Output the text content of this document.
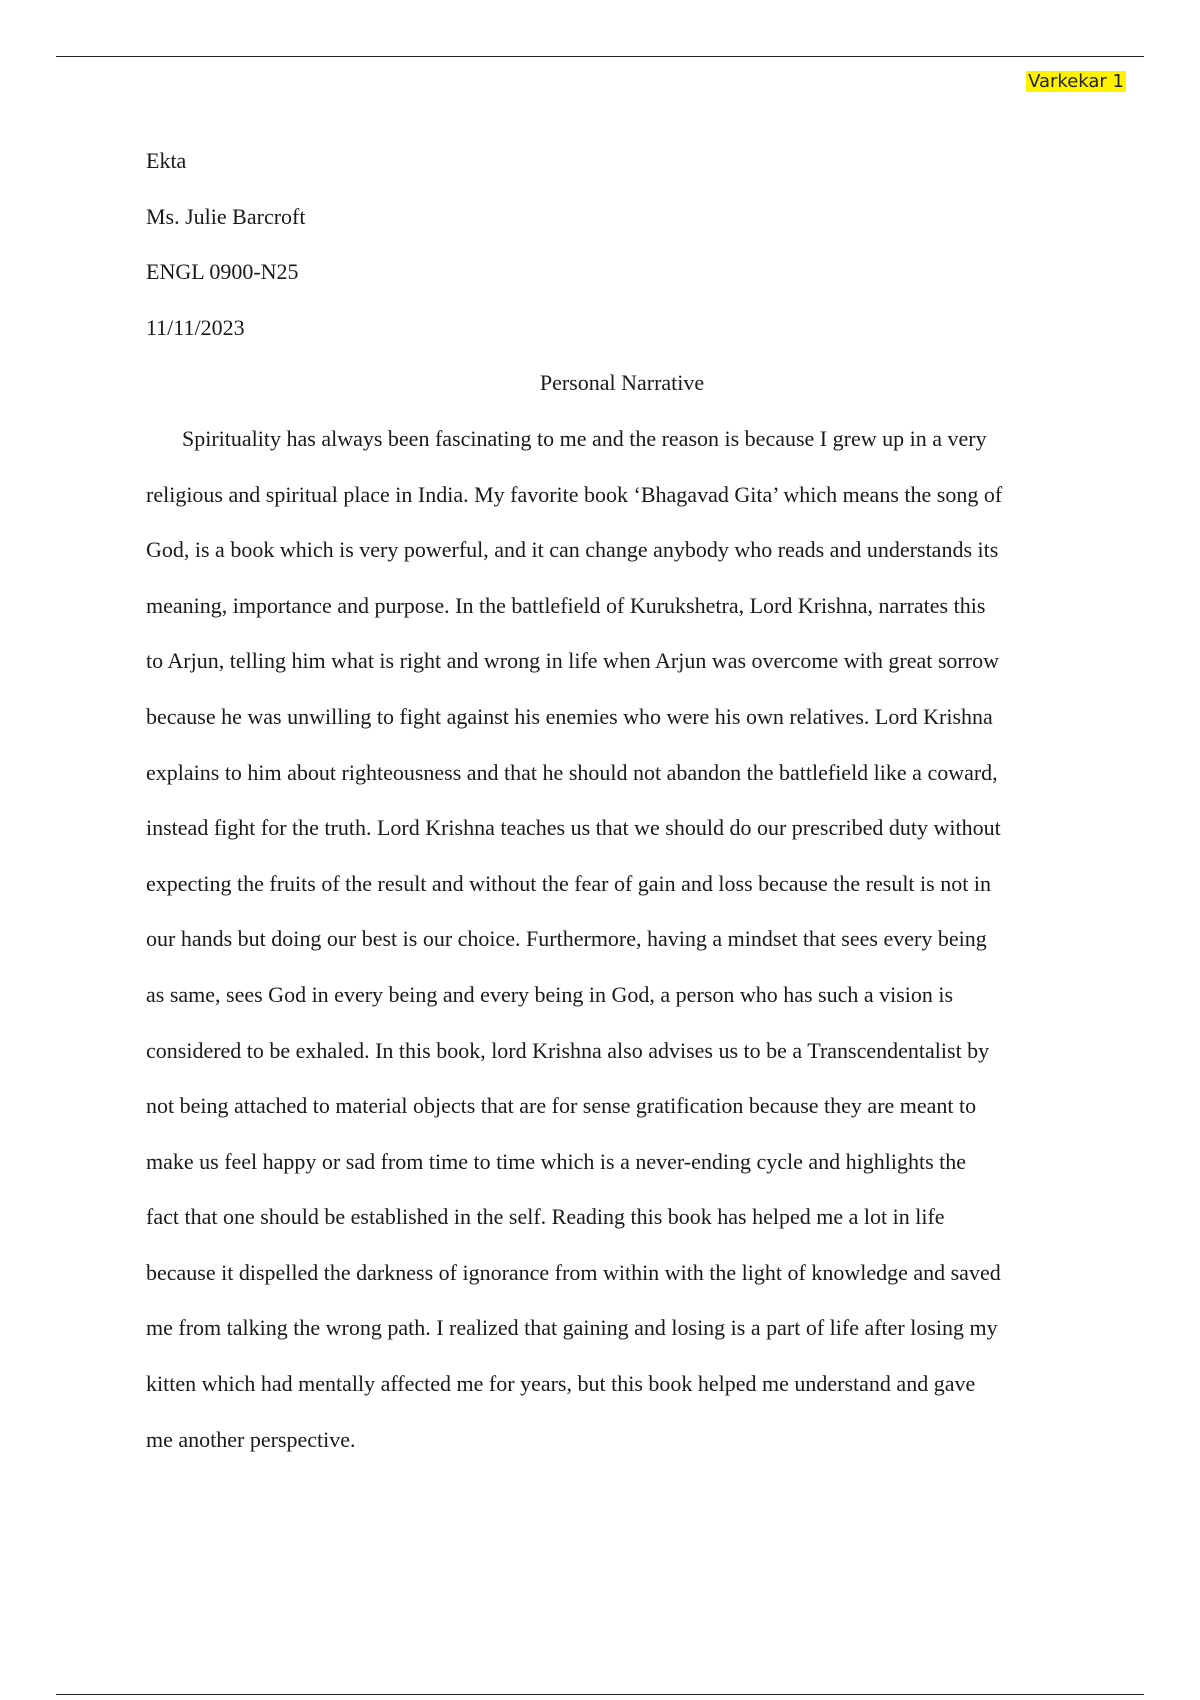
Varkekar 1

Ekta

Ms. Julie Barcroft

ENGL 0900-N25

11/11/2023

Personal Narrative

Spirituality has always been fascinating to me and the reason is because I grew up in a very

religious and spiritual place in India. My favorite book ‘Bhagavad Gita’ which means the song of

God, is a book which is very powerful, and it can change anybody who reads and understands its

meaning, importance and purpose. In the battlefield of Kurukshetra, Lord Krishna, narrates this

to Arjun, telling him what is right and wrong in life when Arjun was overcome with great sorrow

because he was unwilling to fight against his enemies who were his own relatives. Lord Krishna

explains to him about righteousness and that he should not abandon the battlefield like a coward,

instead fight for the truth. Lord Krishna teaches us that we should do our prescribed duty without

expecting the fruits of the result and without the fear of gain and loss because the result is not in

our hands but doing our best is our choice. Furthermore, having a mindset that sees every being

as same, sees God in every being and every being in God, a person who has such a vision is

considered to be exhaled. In this book, lord Krishna also advises us to be a Transcendentalist by

not being attached to material objects that are for sense gratification because they are meant to

make us feel happy or sad from time to time which is a never-ending cycle and highlights the

fact that one should be established in the self. Reading this book has helped me a lot in life

because it dispelled the darkness of ignorance from within with the light of knowledge and saved

me from talking the wrong path. I realized that gaining and losing is a part of life after losing my

kitten which had mentally affected me for years, but this book helped me understand and gave

me another perspective.
